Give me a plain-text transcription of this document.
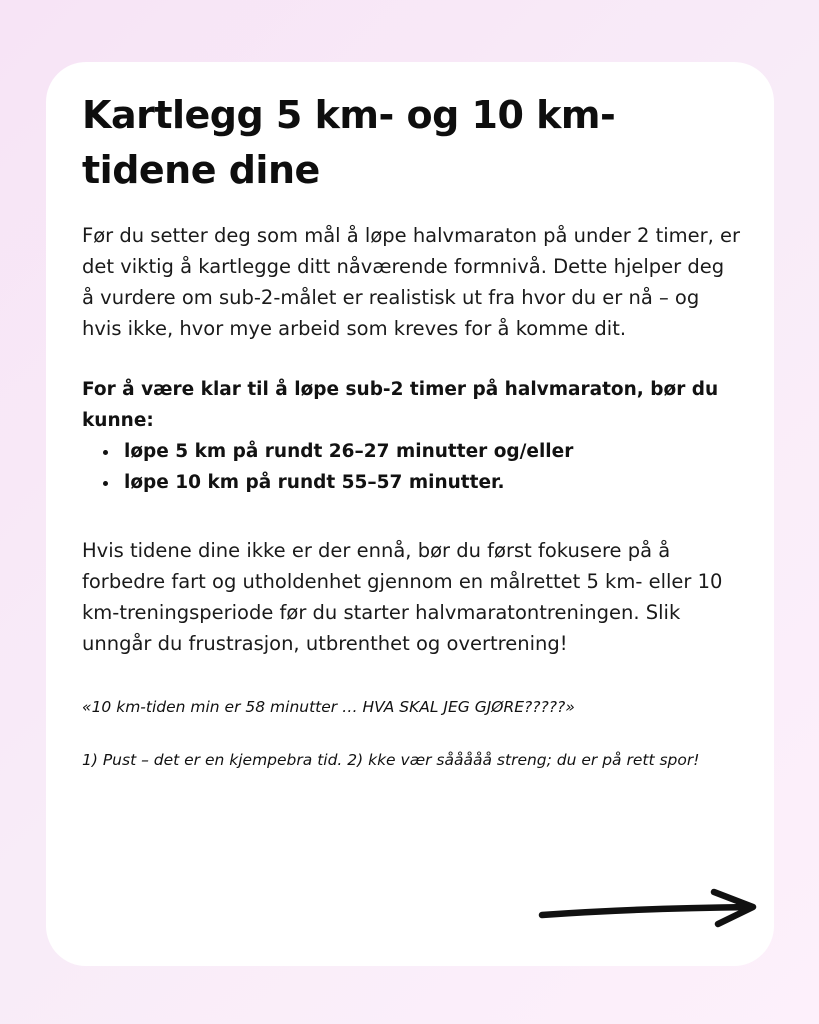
Kartlegg 5 km- og 10 km-tidene dine

Før du setter deg som mål å løpe halvmaraton på under 2 timer, er det viktig å kartlegge ditt nåværende formnivå. Dette hjelper deg å vurdere om sub-2-målet er realistisk ut fra hvor du er nå – og hvis ikke, hvor mye arbeid som kreves for å komme dit.

For å være klar til å løpe sub-2 timer på halvmaraton, bør du kunne:

• løpe 5 km på rundt 26–27 minutter og/eller
• løpe 10 km på rundt 55–57 minutter.

Hvis tidene dine ikke er der ennå, bør du først fokusere på å forbedre fart og utholdenhet gjennom en målrettet 5 km- eller 10 km-treningsperiode før du starter halvmaratontreningen. Slik unngår du frustrasjon, utbrenthet og overtrening!

«10 km-tiden min er 58 minutter … HVA SKAL JEG GJØRE?????»

1) Pust – det er en kjempebra tid. 2) kke vær sååååå streng; du er på rett spor!
